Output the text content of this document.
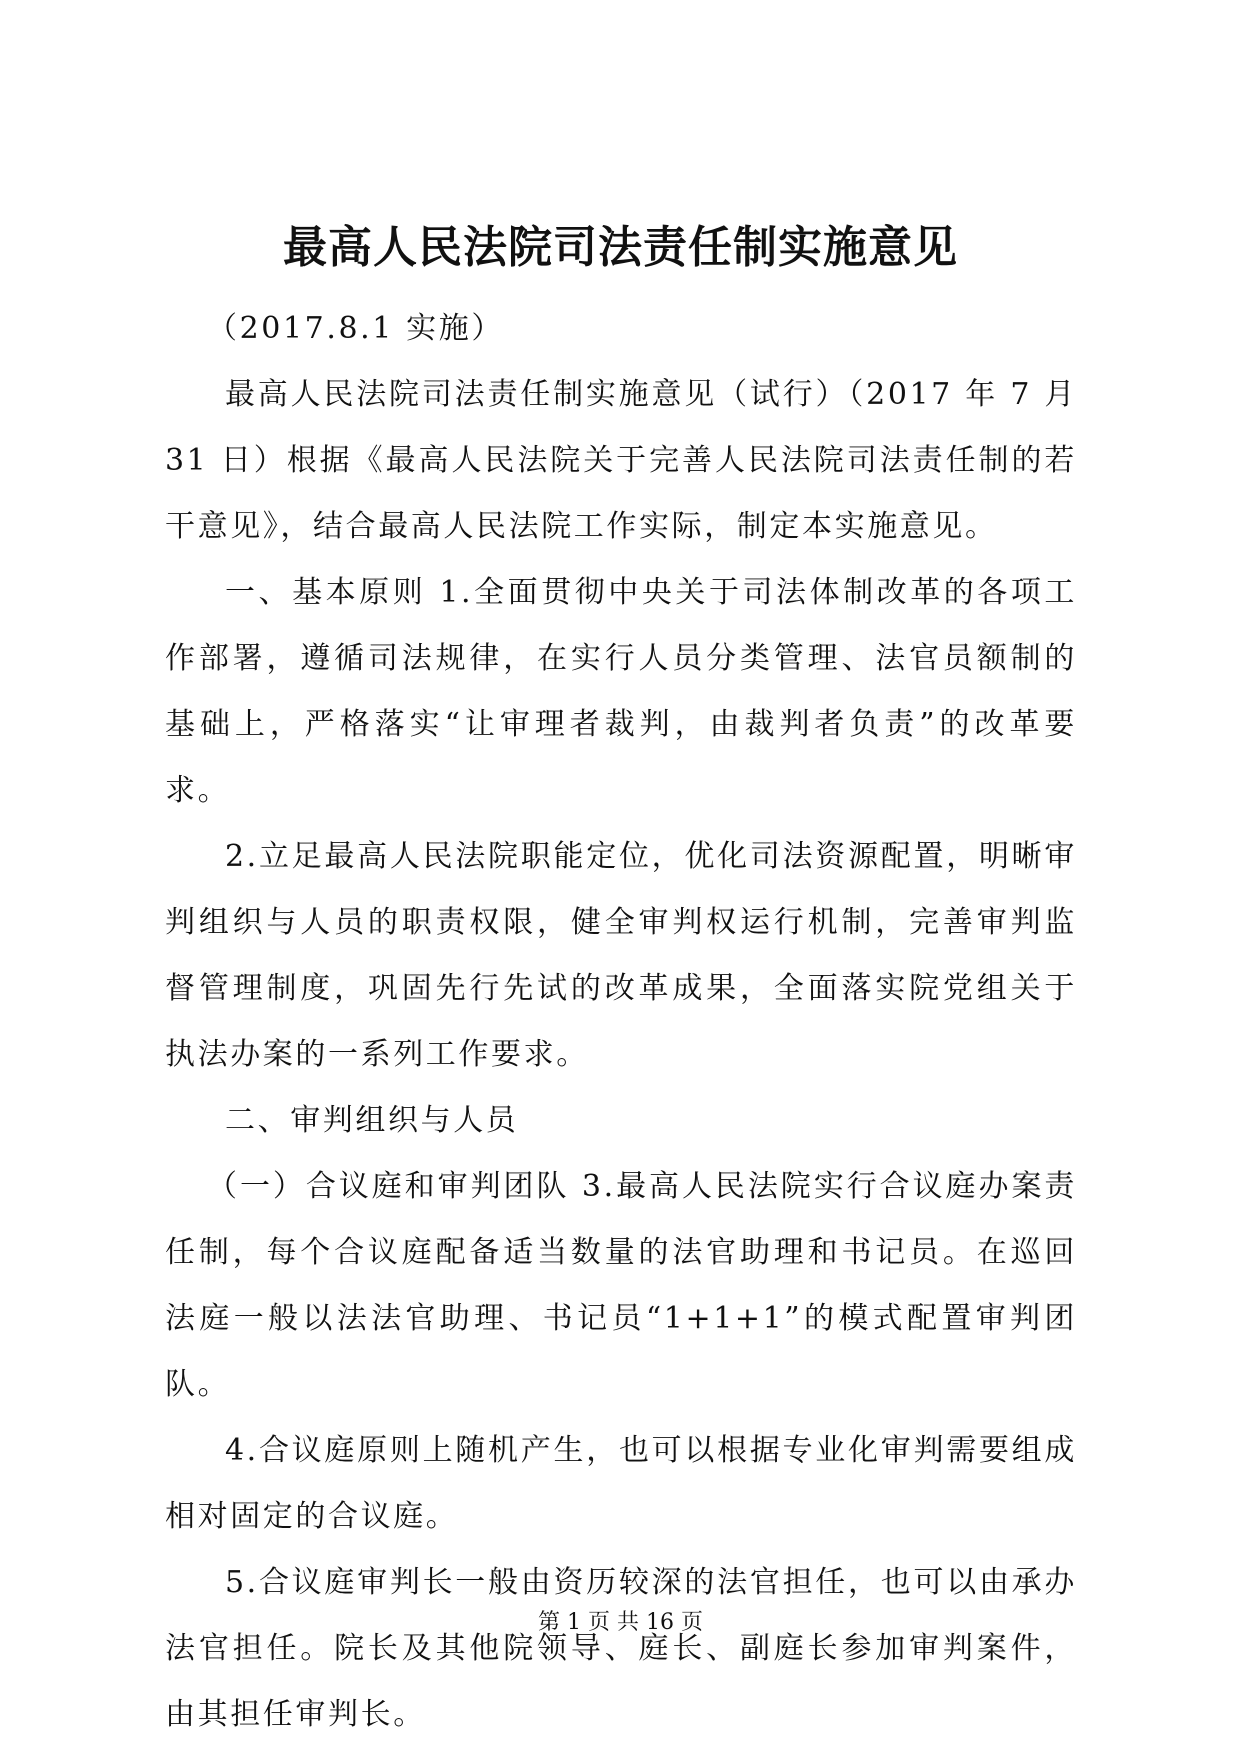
最高人民法院司法责任制实施意见

（2017.8.1 实施）

最高人民法院司法责任制实施意见（试行）（2017 年 7 月 31 日）根据《最高人民法院关于完善人民法院司法责任制的若干意见》，结合最高人民法院工作实际，制定本实施意见。

一、基本原则 1.全面贯彻中央关于司法体制改革的各项工作部署，遵循司法规律，在实行人员分类管理、法官员额制的基础上，严格落实“让审理者裁判，由裁判者负责”的改革要求。

2.立足最高人民法院职能定位，优化司法资源配置，明晰审判组织与人员的职责权限，健全审判权运行机制，完善审判监督管理制度，巩固先行先试的改革成果，全面落实院党组关于执法办案的一系列工作要求。

二、审判组织与人员

（一）合议庭和审判团队 3.最高人民法院实行合议庭办案责任制，每个合议庭配备适当数量的法官助理和书记员。在巡回法庭一般以法法官助理、书记员“1+1+1”的模式配置审判团队。

4.合议庭原则上随机产生，也可以根据专业化审判需要组成相对固定的合议庭。

5.合议庭审判长一般由资历较深的法官担任，也可以由承办法官担任。院长及其他院领导、庭长、副庭长参加审判案件，由其担任审判长。

第 1 页 共 16 页
